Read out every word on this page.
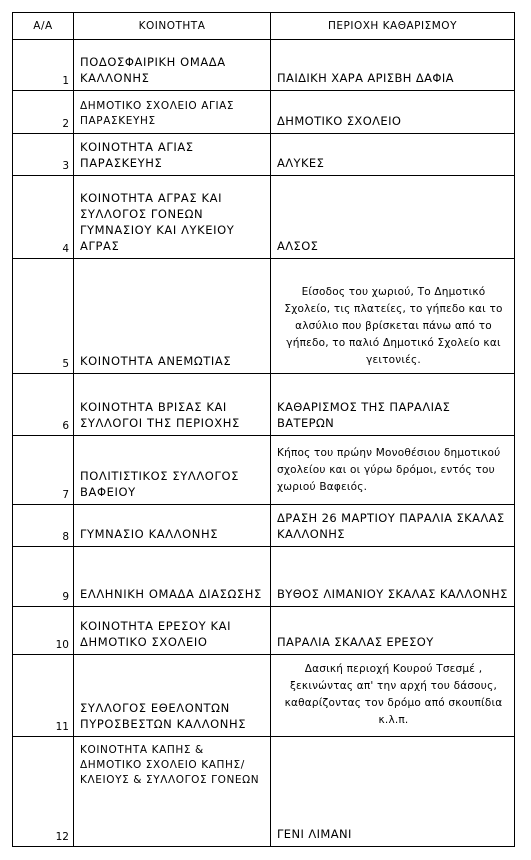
Α/Α	ΚΟΙΝΟΤΗΤΑ	ΠΕΡΙΟΧΗ ΚΑΘΑΡΙΣΜΟΥ
1	ΠΟΔΟΣΦΑΙΡΙΚΗ ΟΜΑΔΑ ΚΑΛΛΟΝΗΣ	ΠΑΙΔΙΚΗ ΧΑΡΑ ΑΡΙΣΒΗ ΔΑΦΙΑ
2	ΔΗΜΟΤΙΚΟ ΣΧΟΛΕΙΟ ΑΓΙΑΣ ΠΑΡΑΣΚΕΥΗΣ	ΔΗΜΟΤΙΚΟ ΣΧΟΛΕΙΟ
3	ΚΟΙΝΟΤΗΤΑ ΑΓΙΑΣ ΠΑΡΑΣΚΕΥΗΣ	ΑΛΥΚΕΣ
4	ΚΟΙΝΟΤΗΤΑ ΑΓΡΑΣ ΚΑΙ ΣΥΛΛΟΓΟΣ ΓΟΝΕΩΝ ΓΥΜΝΑΣΙΟΥ ΚΑΙ ΛΥΚΕΙΟΥ ΑΓΡΑΣ	ΑΛΣΟΣ
5	ΚΟΙΝΟΤΗΤΑ ΑΝΕΜΩΤΙΑΣ	Είσοδος του χωριού, Το Δημοτικό Σχολείο, τις πλατείες, το γήπεδο και το αλσύλιο που βρίσκεται πάνω από το γήπεδο, το παλιό Δημοτικό Σχολείο και γειτονιές.
6	ΚΟΙΝΟΤΗΤΑ ΒΡΙΣΑΣ ΚΑΙ ΣΥΛΛΟΓΟΙ ΤΗΣ ΠΕΡΙΟΧΗΣ	ΚΑΘΑΡΙΣΜΟΣ ΤΗΣ ΠΑΡΑΛΙΑΣ ΒΑΤΕΡΩΝ
7	ΠΟΛΙΤΙΣΤΙΚΟΣ ΣΥΛΛΟΓΟΣ ΒΑΦΕΙΟΥ	Κήπος του πρώην Μονοθέσιου δημοτικού σχολείου και οι γύρω δρόμοι, εντός του χωριού Βαφειός.
8	ΓΥΜΝΑΣΙΟ ΚΑΛΛΟΝΗΣ	ΔΡΑΣΗ 26 ΜΑΡΤΙΟΥ ΠΑΡΑΛΙΑ ΣΚΑΛΑΣ ΚΑΛΛΟΝΗΣ
9	ΕΛΛΗΝΙΚΗ ΟΜΑΔΑ ΔΙΑΣΩΣΗΣ	ΒΥΘΟΣ ΛΙΜΑΝΙΟΥ ΣΚΑΛΑΣ ΚΑΛΛΟΝΗΣ
10	ΚΟΙΝΟΤΗΤΑ ΕΡΕΣΟΥ ΚΑΙ ΔΗΜΟΤΙΚΟ ΣΧΟΛΕΙΟ	ΠΑΡΑΛΙΑ ΣΚΑΛΑΣ ΕΡΕΣΟΥ
11	ΣΥΛΛΟΓΟΣ ΕΘΕΛΟΝΤΩΝ ΠΥΡΟΣΒΕΣΤΩΝ ΚΑΛΛΟΝΗΣ	Δασική περιοχή Κουρού Τσεσμέ , ξεκινώντας απ' την αρχή του δάσους, καθαρίζοντας τον δρόμο από σκουπίδια κ.λ.π.
12	ΚΟΙΝΟΤΗΤΑ ΚΑΠΗΣ & ΔΗΜΟΤΙΚΟ ΣΧΟΛΕΙΟ ΚΑΠΗΣ/ ΚΛΕΙΟΥΣ & ΣΥΛΛΟΓΟΣ ΓΟΝΕΩΝ	ΓΕΝΙ ΛΙΜΑΝΙ
